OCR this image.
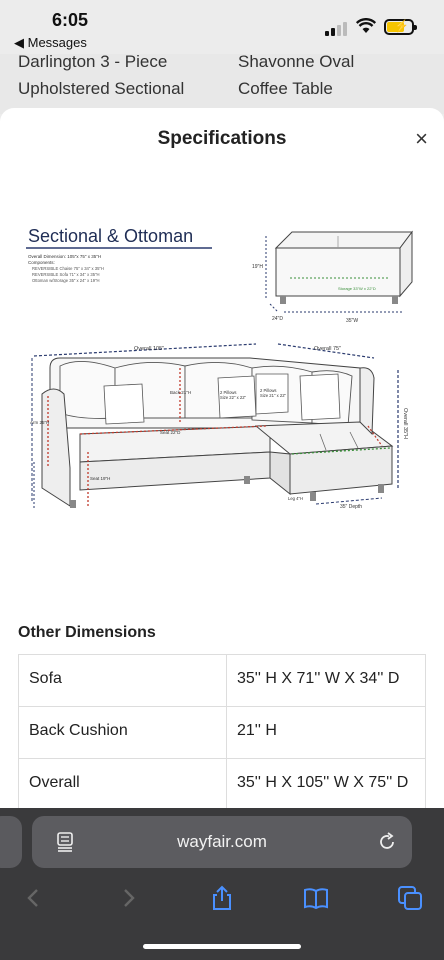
6:05
◀ Messages
⚡
Darlington 3 - Piece
Upholstered Sectional
Shavonne Oval
Coffee Table
Specifications	×
Sectional & Ottoman
Overall Dimension: 105"x 75" x 35"H
Components:
REVERSIBLE Chaise 75" x 34" x 35"H
REVERSIBLE Sofa 71" x 34" x 35"H
Ottoman w/Storage 35" x 24" x 19"H
19"H
24"D	35"W
Storage 33"W x 22"D
Overall 105"	Overall 75"
Overall 35"H
Arm 25"H
Seat 19"H
Back 21"H
Seat 22"D
2 Pillows Size 22" x 22"
2 Pillows Size 21" x 22"
35" Depth
Leg 4"H
Other Dimensions
Sofa	35'' H X 71'' W X 34'' D
Back Cushion	21'' H
Overall	35'' H X 105'' W X 75'' D
wayfair.com
